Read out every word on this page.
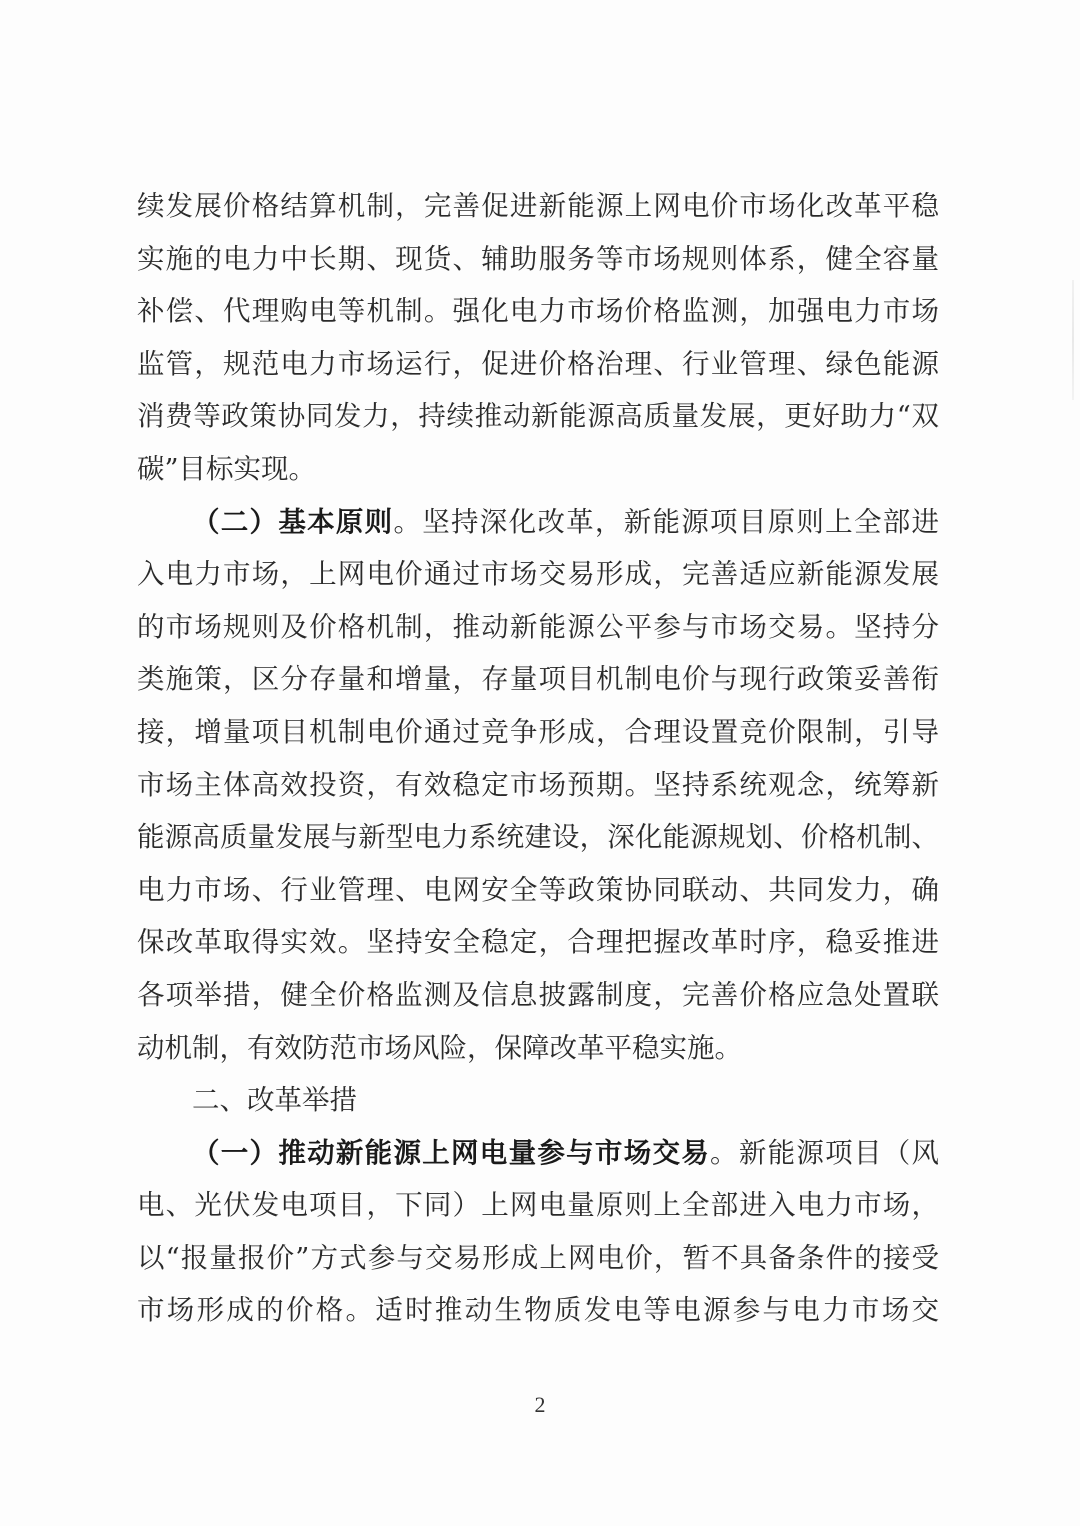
续发展价格结算机制，完善促进新能源上网电价市场化改革平稳
实施的电力中长期、现货、辅助服务等市场规则体系，健全容量
补偿、代理购电等机制。强化电力市场价格监测，加强电力市场
监管，规范电力市场运行，促进价格治理、行业管理、绿色能源
消费等政策协同发力，持续推动新能源高质量发展，更好助力“双
碳”目标实现。
（二）基本原则。坚持深化改革，新能源项目原则上全部进
入电力市场，上网电价通过市场交易形成，完善适应新能源发展
的市场规则及价格机制，推动新能源公平参与市场交易。坚持分
类施策，区分存量和增量，存量项目机制电价与现行政策妥善衔
接，增量项目机制电价通过竞争形成，合理设置竞价限制，引导
市场主体高效投资，有效稳定市场预期。坚持系统观念，统筹新
能源高质量发展与新型电力系统建设，深化能源规划、价格机制、
电力市场、行业管理、电网安全等政策协同联动、共同发力，确
保改革取得实效。坚持安全稳定，合理把握改革时序，稳妥推进
各项举措，健全价格监测及信息披露制度，完善价格应急处置联
动机制，有效防范市场风险，保障改革平稳实施。
二、改革举措
（一）推动新能源上网电量参与市场交易。新能源项目（风
电、光伏发电项目，下同）上网电量原则上全部进入电力市场，
以“报量报价”方式参与交易形成上网电价，暂不具备条件的接受
市场形成的价格。适时推动生物质发电等电源参与电力市场交
2
